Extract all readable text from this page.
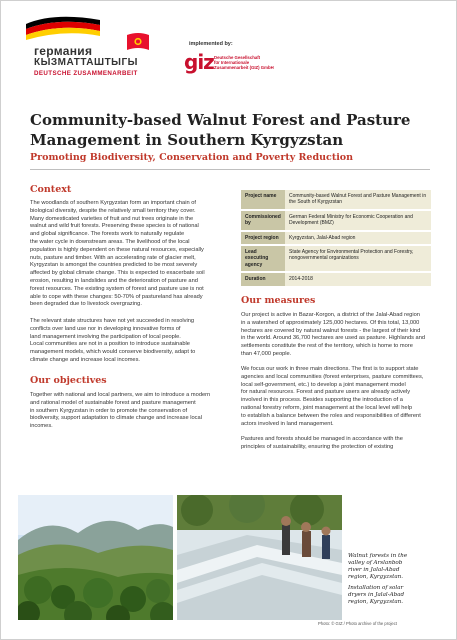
германия
КЫЗМАТТАШТЫГЫ
DEUTSCHE ZUSAMMENARBEIT
implemented by:
giz Deutsche Gesellschaft
für Internationale
Zusammenarbeit (GIZ) GmbH
Community-based Walnut Forest and Pasture
Management in Southern Kyrgyzstan
Promoting Biodiversity, Conservation and Poverty Reduction
Context
The woodlands of southern Kyrgyzstan form an important chain of
biological diversity, despite the relatively small territory they cover.
Many domesticated varieties of fruit and nut trees originate in the
walnut and wild fruit forests. Preserving these species is of national
and global significance. The forests work to naturally regulate
the water cycle in downstream areas. The livelihood of the local
population is highly dependent on these natural resources, especially
nuts, pasture and timber. With an accelerating rate of glacier melt,
Kyrgyzstan is amongst the countries predicted to be most severely
affected by global climate change. This is expected to exacerbate soil
erosion, resulting in landslides and the deterioration of pasture and
forest resources. The existing system of forest and pasture use is not
able to cope with these changes: 50-70% of pastureland has already
been degraded due to livestock overgrazing.
The relevant state structures have not yet succeeded in resolving
conflicts over land use nor in developing innovative forms of
land management involving the participation of local people.
Local communities are not in a position to introduce sustainable
management models, which would conserve biodiversity, adapt to
climate change and increase local incomes.
Our objectives
Together with national and local partners, we aim to introduce a modern
and rational model of sustainable forest and pasture management
in southern Kyrgyzstan in order to promote the conservation of
biodiversity, support adaptation to climate change and increase local
incomes.
Project name	Community-based Walnut Forest and Pasture Management in the South of Kyrgyzstan
Commissioned by	German Federal Ministry for Economic Cooperation and Development (BMZ)
Project region	Kyrgyzstan, Jalal-Abad region
Lead executing agency	State Agency for Environmental Protection and Forestry, nongovernmental organizations
Duration	2014-2018
Our measures
Our project is active in Bazar-Korgon, a district of the Jalal-Abad region
in a watershed of approximately 125,000 hectares. Of this total, 13,000
hectares are covered by natural walnut forests - the largest of their kind
in the world. Around 36,700 hectares are used as pasture. Highlands and
settlements constitute the rest of the territory, which is home to more
than 47,000 people.
We focus our work in three main directions. The first is to support state
agencies and local communities (forest enterprises, pasture committees,
local self-government, etc.) to develop a joint management model
for natural resources. Forest and pasture users are already actively
involved in this process. Besides supporting the introduction of a
national forestry reform, joint management at the local level will help
to establish a balance between the roles and responsibilities of different
actors involved in land management.
Pastures and forests should be managed in accordance with the
principles of sustainability, ensuring the protection of existing
Walnut forests in the
valley of Arslanbob
river in Jalal-Abad
region, Kyrgyzstan.
Installation of solar
dryers in Jalal-Abad
region, Kyrgyzstan.
Photo: © GIZ / Photo archive of the project
